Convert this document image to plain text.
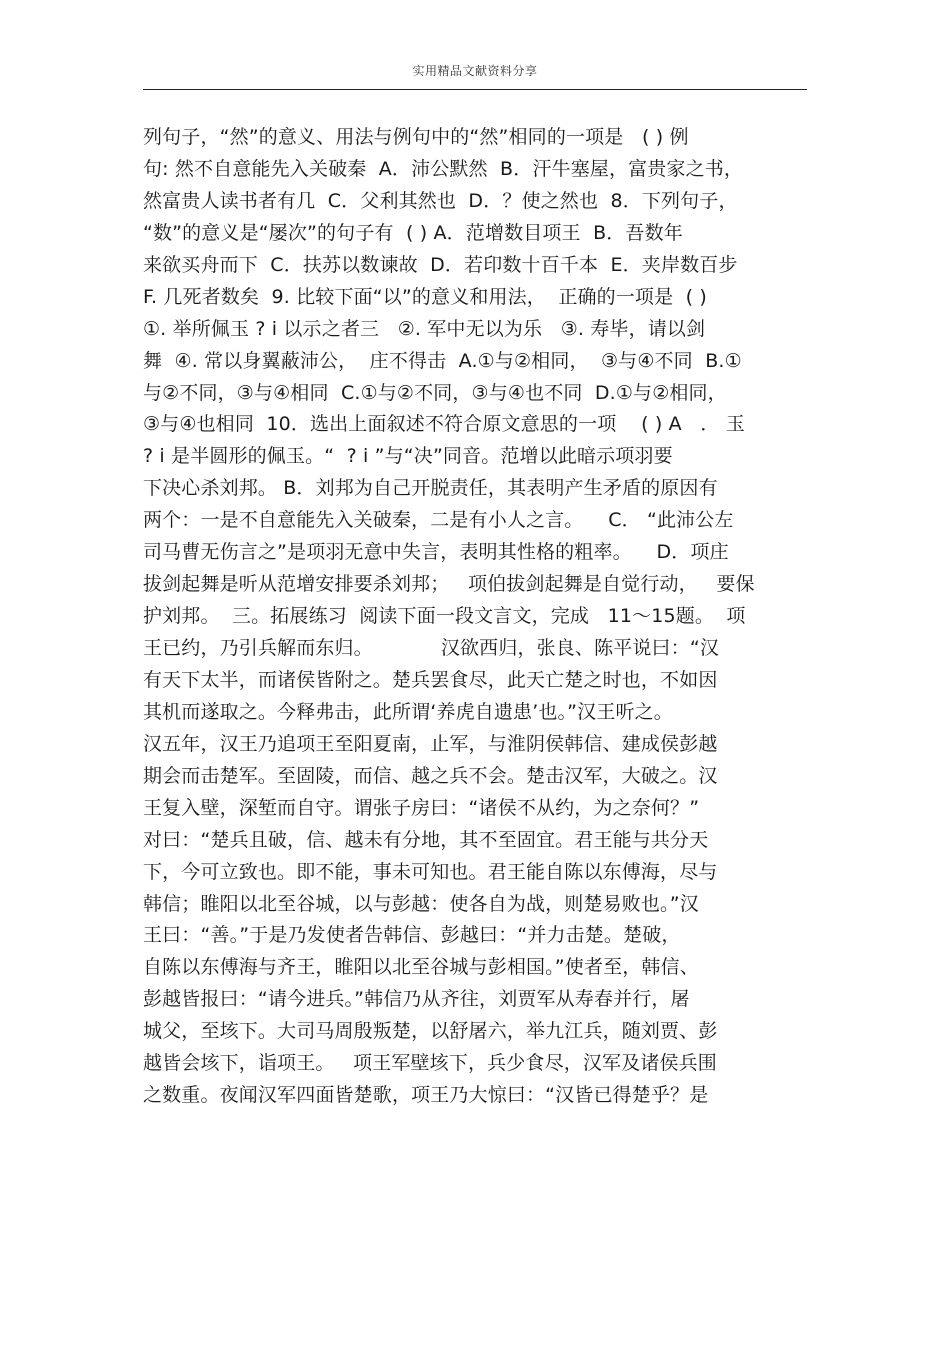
实用精品文献资料分享
列句子，“然”的意义、用法与例句中的“然”相同的一项是   ( ) 例
句: 然不自意能先入关破秦  A．沛公默然  B．汗牛塞屋，富贵家之书，
然富贵人读书者有几  C．父利其然也  D．？使之然也  8．下列句子，
“数”的意义是“屡次”的句子有  ( ) A．范增数目项王  B．吾数年
来欲买舟而下  C．扶苏以数谏故  D．若印数十百千本  E．夹岸数百步
F. 几死者数矣  9. 比较下面“以”的意义和用法，  正确的一项是  ( )
①. 举所佩玉 ? i 以示之者三   ②. 军中无以为乐   ③. 寿毕，请以剑
舞  ④. 常以身翼蔽沛公，  庄不得击  A.①与②相同，  ③与④不同  B.①
与②不同，③与④相同  C.①与②不同，③与④也不同  D.①与②相同，
③与④也相同  10．选出上面叙述不符合原文意思的一项    ( ) A   ． 玉
? i 是半圆形的佩玉。“  ? i ”与“决”同音。范增以此暗示项羽要
下决心杀刘邦。 B．刘邦为自己开脱责任，其表明产生矛盾的原因有
两个：一是不自意能先入关破秦，二是有小人之言。    C． “此沛公左
司马曹无伤言之”是项羽无意中失言，表明其性格的粗率。    D．项庄
拔剑起舞是听从范增安排要杀刘邦；   项伯拔剑起舞是自觉行动，   要保
护刘邦。  三。拓展练习  阅读下面一段文言文，完成   11～15题。  项
王已约，乃引兵解而东归。           汉欲西归，张良、陈平说曰：“汉
有天下太半，而诸侯皆附之。楚兵罢食尽，此天亡楚之时也，不如因
其机而遂取之。今释弗击，此所谓‘养虎自遗患’也。”汉王听之。
汉五年，汉王乃追项王至阳夏南，止军，与淮阴侯韩信、建成侯彭越
期会而击楚军。至固陵，而信、越之兵不会。楚击汉军，大破之。汉
王复入壁，深堑而自守。谓张子房曰：“诸侯不从约，为之奈何？”
对曰：“楚兵且破，信、越未有分地，其不至固宜。君王能与共分天
下，今可立致也。即不能，事未可知也。君王能自陈以东傅海，尽与
韩信；睢阳以北至谷城，以与彭越：使各自为战，则楚易败也。”汉
王曰：“善。”于是乃发使者告韩信、彭越曰：“并力击楚。楚破，
自陈以东傅海与齐王，睢阳以北至谷城与彭相国。”使者至，韩信、
彭越皆报曰：“请今进兵。”韩信乃从齐往，刘贾军从寿春并行，屠
城父，至垓下。大司马周殷叛楚，以舒屠六，举九江兵，随刘贾、彭
越皆会垓下，诣项王。   项王军壁垓下，兵少食尽，汉军及诸侯兵围
之数重。夜闻汉军四面皆楚歌，项王乃大惊曰：“汉皆已得楚乎？是
